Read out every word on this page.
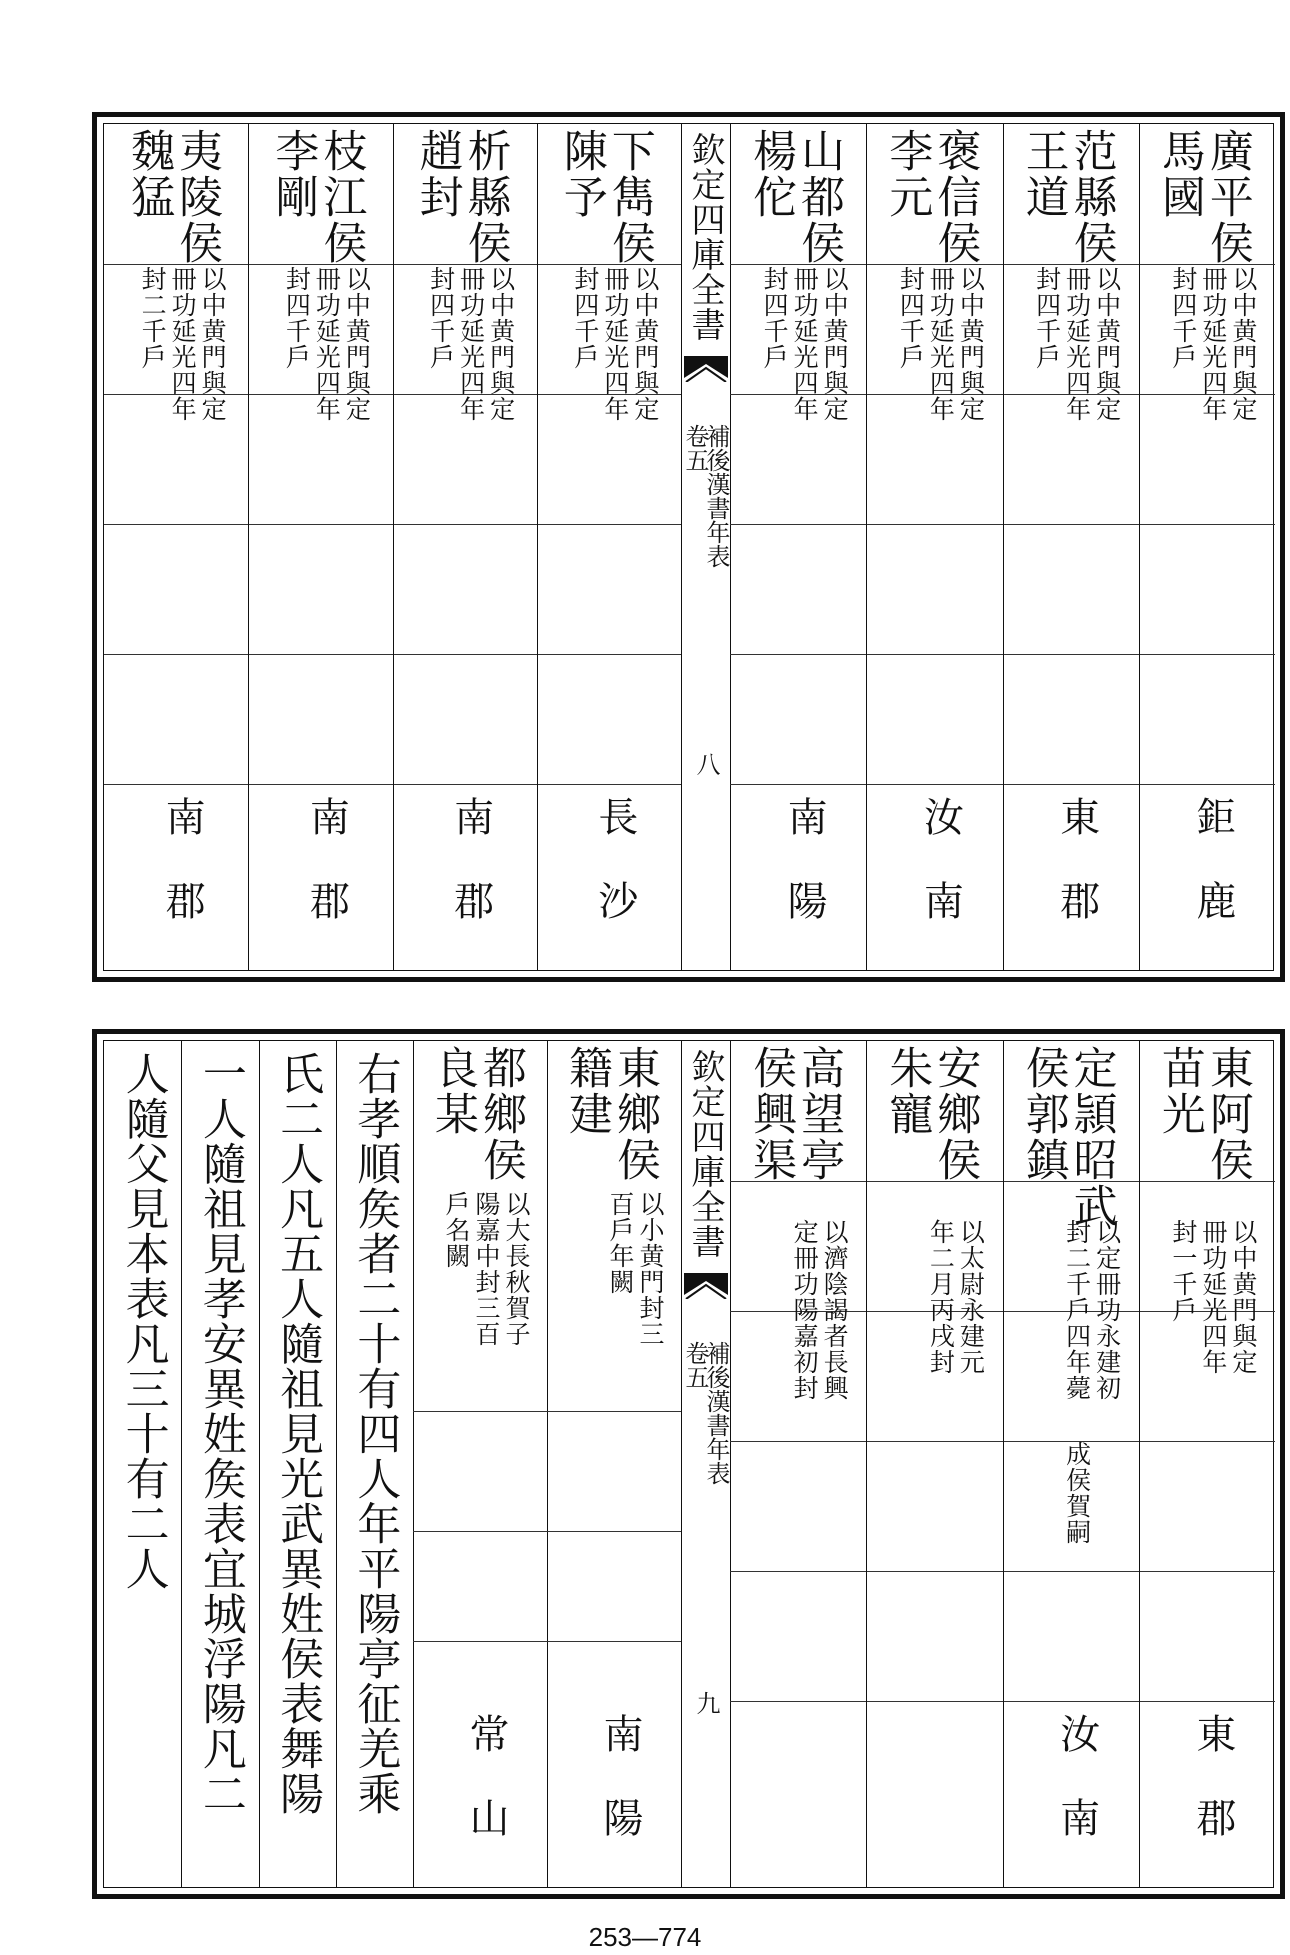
欽定四庫全書
補後漢書年表
卷五
八
廣平侯
馬國
以中黄門與定
冊功延光四年
封四千戶
鉅鹿
范縣侯
王道
以中黄門與定
冊功延光四年
封四千戶
東郡
褒信侯
李元
以中黄門與定
冊功延光四年
封四千戶
汝南
山都侯
楊佗
以中黄門與定
冊功延光四年
封四千戶
南陽
下雋侯
陳予
以中黄門與定
冊功延光四年
封四千戶
長沙
析縣侯
趙封
以中黄門與定
冊功延光四年
封四千戶
南郡
枝江侯
李剛
以中黄門與定
冊功延光四年
封四千戶
南郡
夷陵侯
魏猛
以中黄門與定
冊功延光四年
封二千戶
南郡
欽定四庫全書
補後漢書年表
卷五
九
東阿侯
苗光
以中黄門與定
冊功延光四年
封一千戶
東郡
定頴昭武
侯郭鎮
以定冊功永建初
封二千戶四年薨
成侯賀嗣
汝南
安鄉侯
朱寵
以太尉永建元
年二月丙戌封
高望亭
侯興渠
以濟陰謁者長興
定冊功陽嘉初封
東鄉侯
籍建
以小黄門封三
百戶年闕
南陽
都鄉侯
良某
以大長秋賀子
陽嘉中封三百
戶名闕
常山
右孝順矦者二十有四人年平陽亭征羌乘
氏二人凡五人隨祖見光武異姓侯表舞陽
一人隨祖見孝安異姓矦表宜城浮陽凡二
人隨父見本表凡三十有二人
253—774
